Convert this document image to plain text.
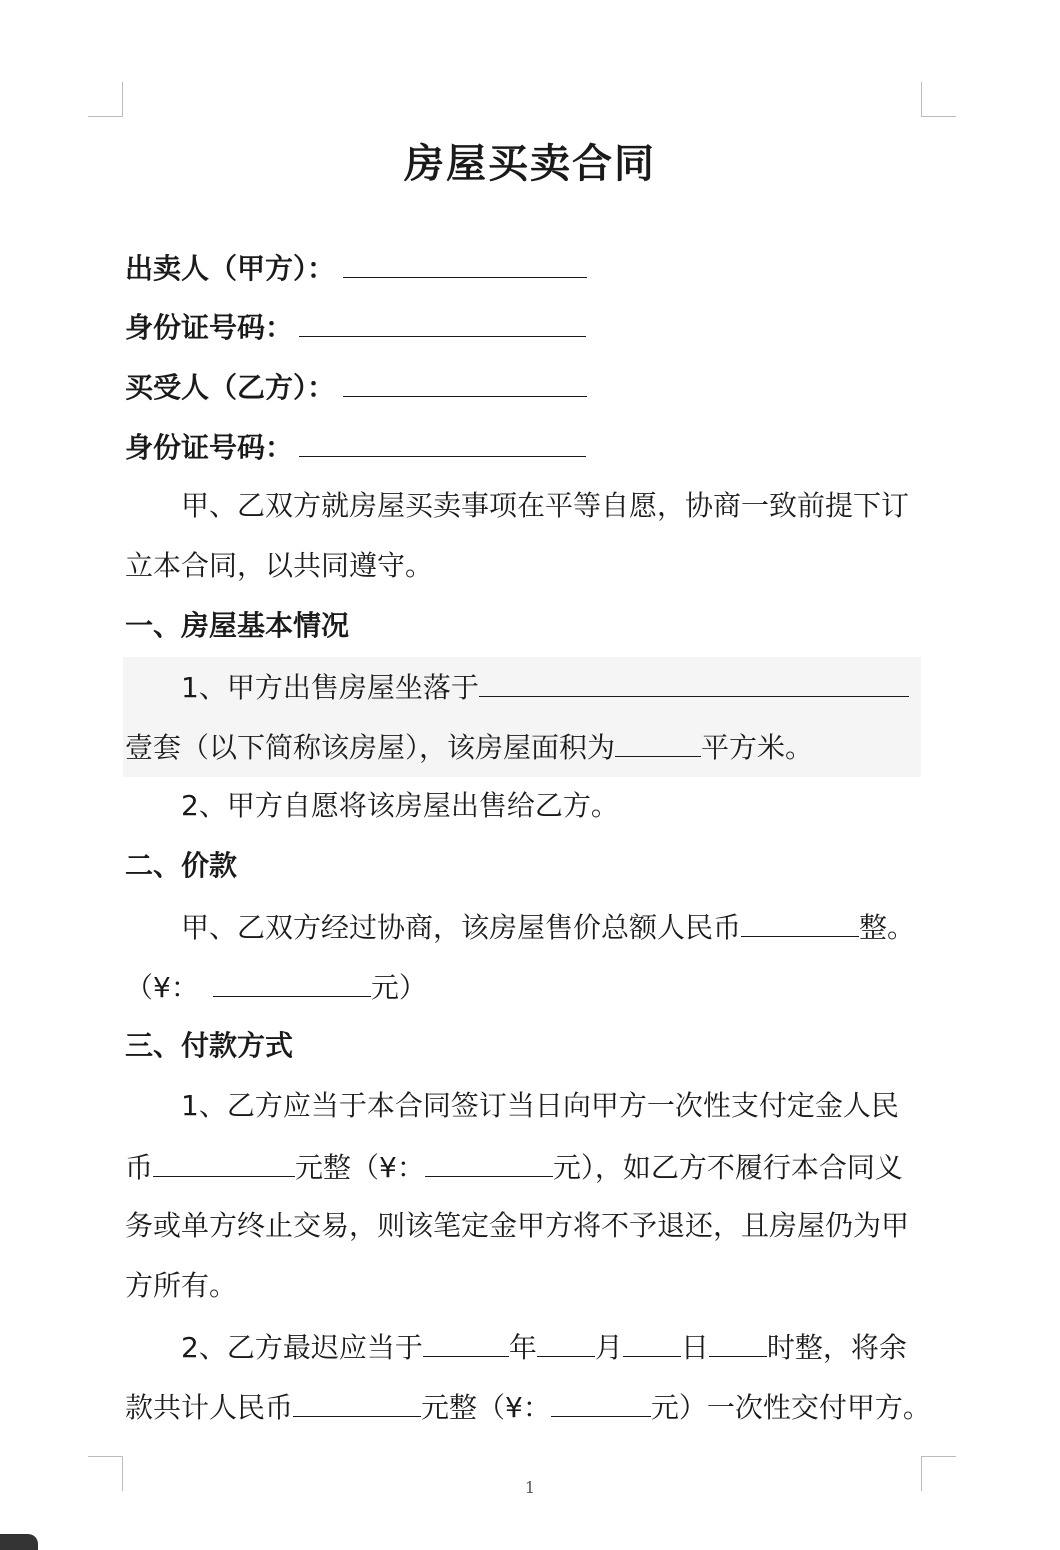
房屋买卖合同
出卖人（甲方）：
身份证号码：
买受人（乙方）：
身份证号码：
甲、乙双方就房屋买卖事项在平等自愿，协商一致前提下订
立本合同，以共同遵守。
一、房屋基本情况
1、甲方出售房屋坐落于
壹套（以下简称该房屋），该房屋面积为	平方米。
2、甲方自愿将该房屋出售给乙方。
二、价款
甲、乙双方经过协商，该房屋售价总额人民币	整。
（¥：	元）
三、付款方式
1、乙方应当于本合同签订当日向甲方一次性支付定金人民
币	元整（¥：	元），如乙方不履行本合同义
务或单方终止交易，则该笔定金甲方将不予退还，且房屋仍为甲
方所有。
2、乙方最迟应当于	年 月 日 时整，将余
款共计人民币	元整（¥：	元）一次性交付甲方。
1
